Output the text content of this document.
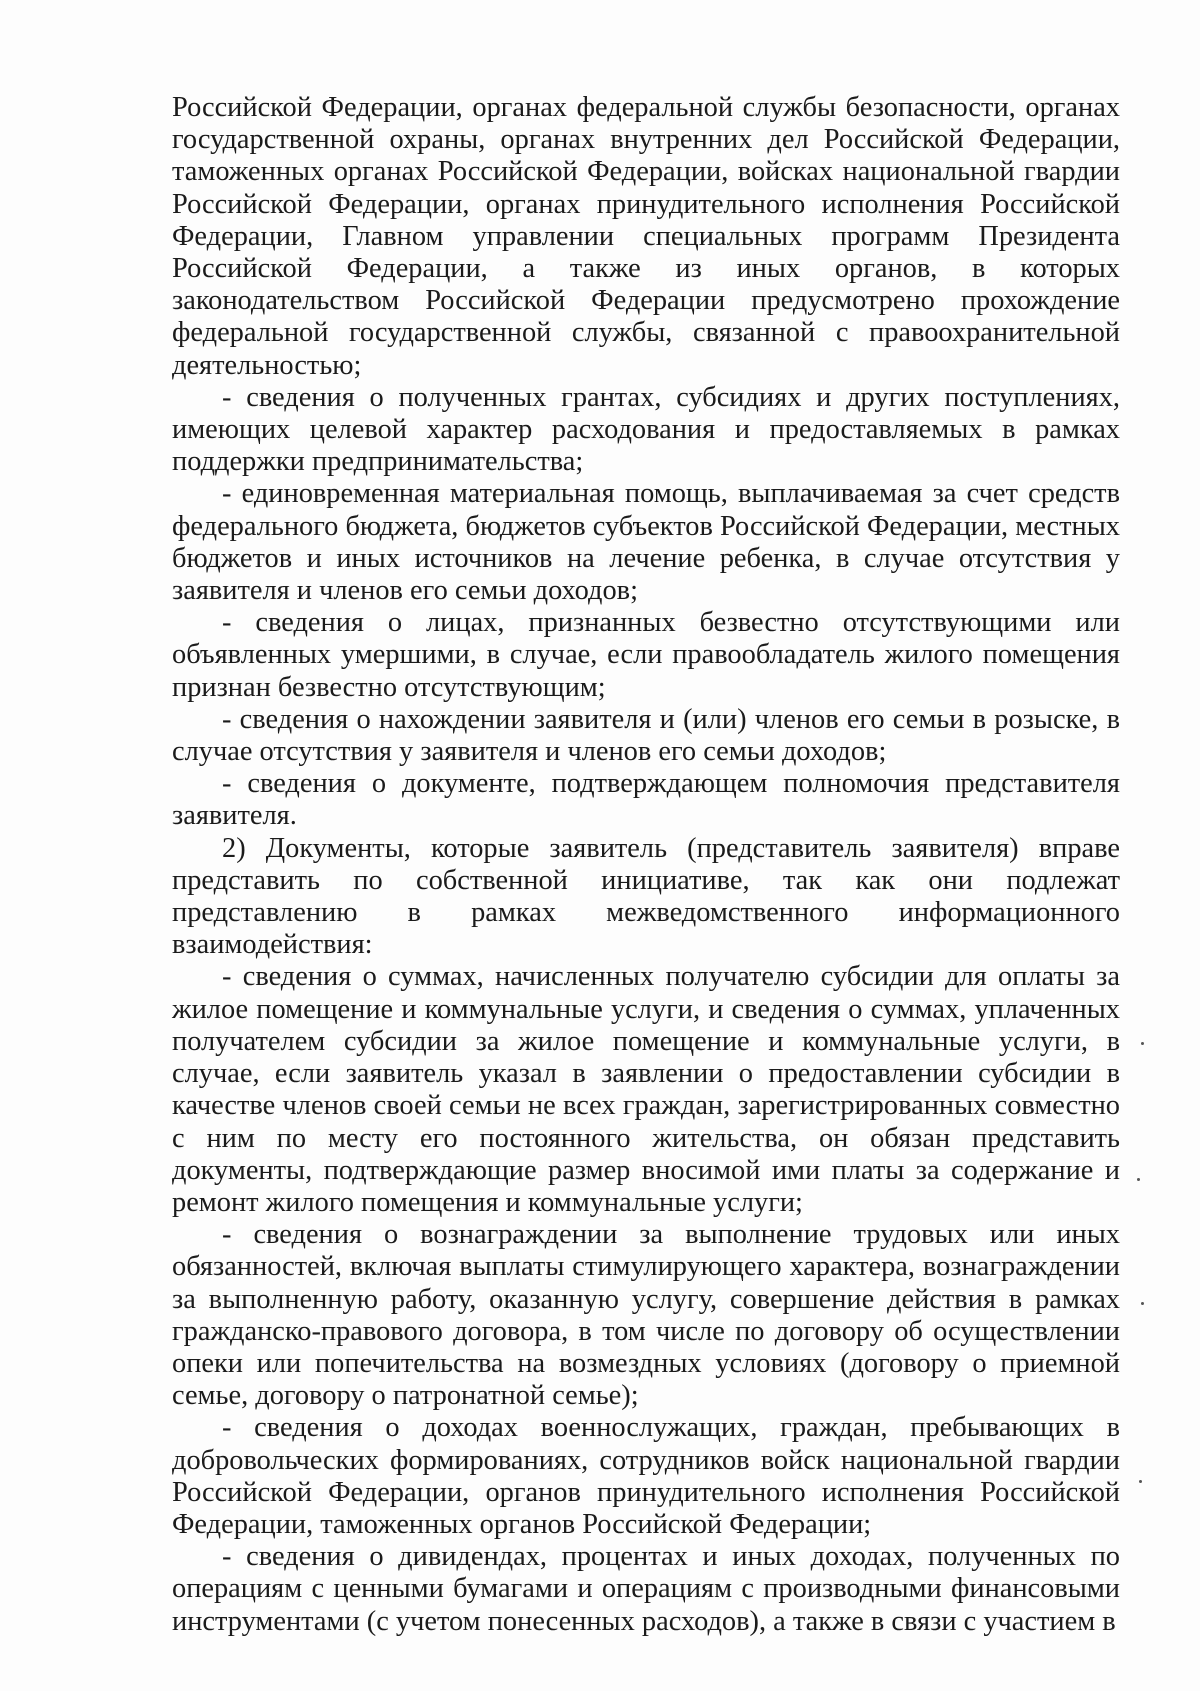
Российской Федерации, органах федеральной службы безопасности, органах государственной охраны, органах внутренних дел Российской Федерации, таможенных органах Российской Федерации, войсках национальной гвардии Российской Федерации, органах принудительного исполнения Российской Федерации, Главном управлении специальных программ Президента Российской Федерации, а также из иных органов, в которых законодательством Российской Федерации предусмотрено прохождение федеральной государственной службы, связанной с правоохранительной деятельностью;

- сведения о полученных грантах, субсидиях и других поступлениях, имеющих целевой характер расходования и предоставляемых в рамках поддержки предпринимательства;

- единовременная материальная помощь, выплачиваемая за счет средств федерального бюджета, бюджетов субъектов Российской Федерации, местных бюджетов и иных источников на лечение ребенка, в случае отсутствия у заявителя и членов его семьи доходов;

- сведения о лицах, признанных безвестно отсутствующими или объявленных умершими, в случае, если правообладатель жилого помещения признан безвестно отсутствующим;

- сведения о нахождении заявителя и (или) членов его семьи в розыске, в случае отсутствия у заявителя и членов его семьи доходов;

- сведения о документе, подтверждающем полномочия представителя заявителя.

2) Документы, которые заявитель (представитель заявителя) вправе представить по собственной инициативе, так как они подлежат представлению в рамках межведомственного информационного взаимодействия:

- сведения о суммах, начисленных получателю субсидии для оплаты за жилое помещение и коммунальные услуги, и сведения о суммах, уплаченных получателем субсидии за жилое помещение и коммунальные услуги, в случае, если заявитель указал в заявлении о предоставлении субсидии в качестве членов своей семьи не всех граждан, зарегистрированных совместно с ним по месту его постоянного жительства, он обязан представить документы, подтверждающие размер вносимой ими платы за содержание и ремонт жилого помещения и коммунальные услуги;

- сведения о вознаграждении за выполнение трудовых или иных обязанностей, включая выплаты стимулирующего характера, вознаграждении за выполненную работу, оказанную услугу, совершение действия в рамках гражданско-правового договора, в том числе по договору об осуществлении опеки или попечительства на возмездных условиях (договору о приемной семье, договору о патронатной семье);

- сведения о доходах военнослужащих, граждан, пребывающих в добровольческих формированиях, сотрудников войск национальной гвардии Российской Федерации, органов принудительного исполнения Российской Федерации, таможенных органов Российской Федерации;

- сведения о дивидендах, процентах и иных доходах, полученных по операциям с ценными бумагами и операциям с производными финансовыми инструментами (с учетом понесенных расходов), а также в связи с участием в
